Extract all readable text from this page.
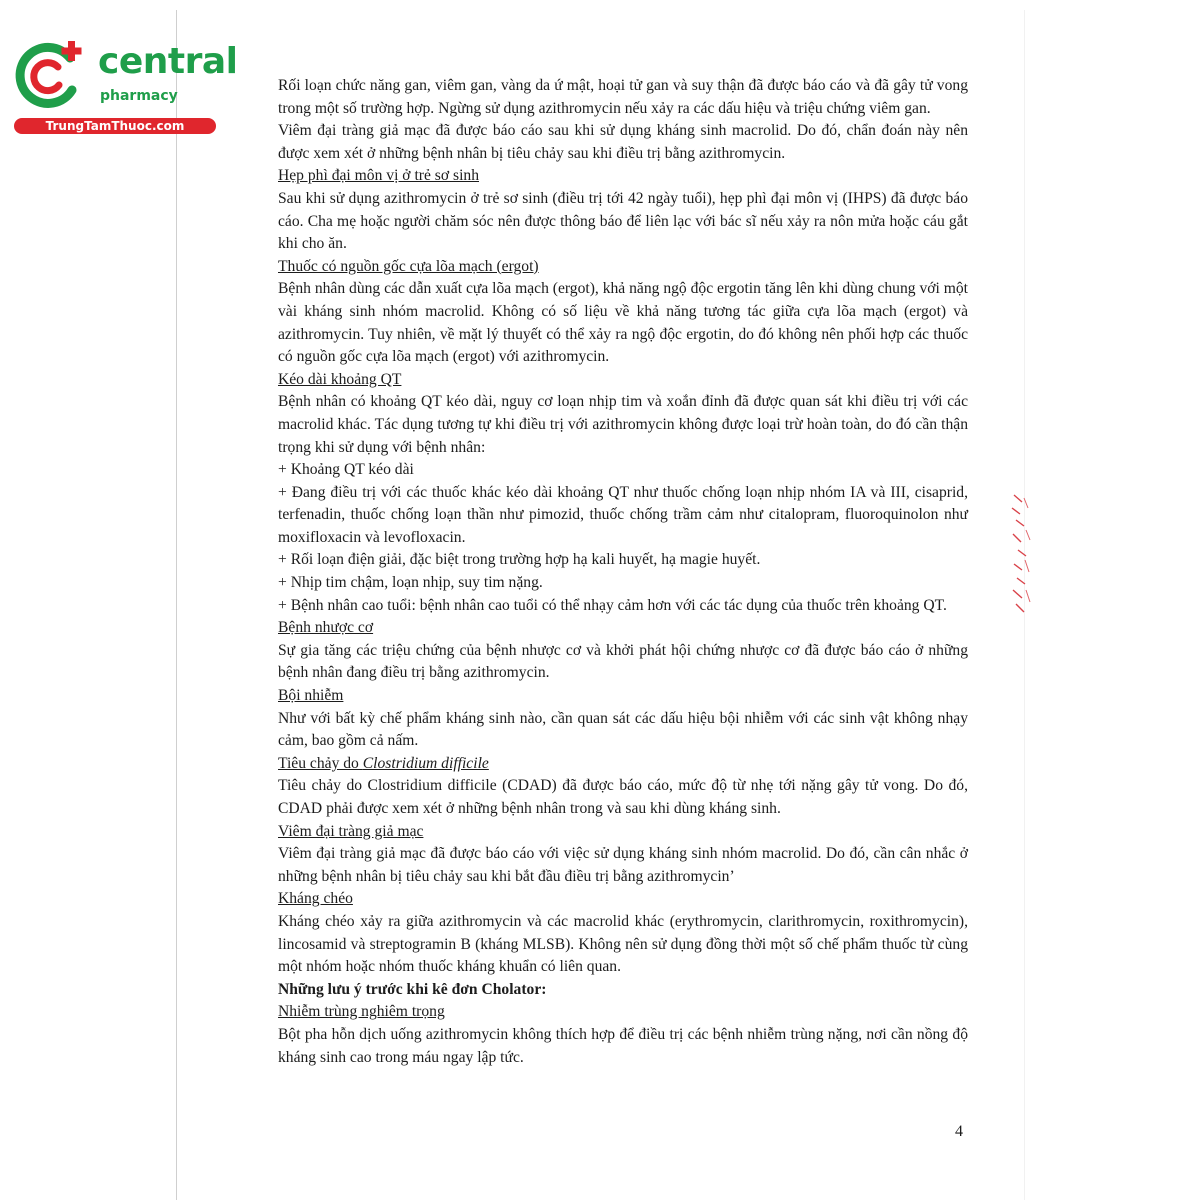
central
pharmacy
TrungTamThuoc.com

Rối loạn chức năng gan, viêm gan, vàng da ứ mật, hoại tử gan và suy thận đã được báo cáo và đã gây tử vong trong một số trường hợp. Ngừng sử dụng azithromycin nếu xảy ra các dấu hiệu và triệu chứng viêm gan.

Viêm đại tràng giả mạc đã được báo cáo sau khi sử dụng kháng sinh macrolid. Do đó, chẩn đoán này nên được xem xét ở những bệnh nhân bị tiêu chảy sau khi điều trị bằng azithromycin.

Hẹp phì đại môn vị ở trẻ sơ sinh

Sau khi sử dụng azithromycin ở trẻ sơ sinh (điều trị tới 42 ngày tuổi), hẹp phì đại môn vị (IHPS) đã được báo cáo. Cha mẹ hoặc người chăm sóc nên được thông báo để liên lạc với bác sĩ nếu xảy ra nôn mửa hoặc cáu gắt khi cho ăn.

Thuốc có nguồn gốc cựa lõa mạch (ergot)

Bệnh nhân dùng các dẫn xuất cựa lõa mạch (ergot), khả năng ngộ độc ergotin tăng lên khi dùng chung với một vài kháng sinh nhóm macrolid. Không có số liệu về khả năng tương tác giữa cựa lõa mạch (ergot) và azithromycin. Tuy nhiên, về mặt lý thuyết có thể xảy ra ngộ độc ergotin, do đó không nên phối hợp các thuốc có nguồn gốc cựa lõa mạch (ergot) với azithromycin.

Kéo dài khoảng QT

Bệnh nhân có khoảng QT kéo dài, nguy cơ loạn nhịp tim và xoắn đỉnh đã được quan sát khi điều trị với các macrolid khác. Tác dụng tương tự khi điều trị với azithromycin không được loại trừ hoàn toàn, do đó cần thận trọng khi sử dụng với bệnh nhân:

+ Khoảng QT kéo dài

+ Đang điều trị với các thuốc khác kéo dài khoảng QT như thuốc chống loạn nhịp nhóm IA và III, cisaprid, terfenadin, thuốc chống loạn thần như pimozid, thuốc chống trầm cảm như citalopram, fluoroquinolon như moxifloxacin và levofloxacin.

+ Rối loạn điện giải, đặc biệt trong trường hợp hạ kali huyết, hạ magie huyết.

+ Nhịp tim chậm, loạn nhịp, suy tim nặng.

+ Bệnh nhân cao tuổi: bệnh nhân cao tuổi có thể nhạy cảm hơn với các tác dụng của thuốc trên khoảng QT.

Bệnh nhược cơ

Sự gia tăng các triệu chứng của bệnh nhược cơ và khởi phát hội chứng nhược cơ đã được báo cáo ở những bệnh nhân đang điều trị bằng azithromycin.

Bội nhiễm

Như với bất kỳ chế phẩm kháng sinh nào, cần quan sát các dấu hiệu bội nhiễm với các sinh vật không nhạy cảm, bao gồm cả nấm.

Tiêu chảy do Clostridium difficile

Tiêu chảy do Clostridium difficile (CDAD) đã được báo cáo, mức độ từ nhẹ tới nặng gây tử vong. Do đó, CDAD phải được xem xét ở những bệnh nhân trong và sau khi dùng kháng sinh.

Viêm đại tràng giả mạc

Viêm đại tràng giả mạc đã được báo cáo với việc sử dụng kháng sinh nhóm macrolid. Do đó, cần cân nhắc ở những bệnh nhân bị tiêu chảy sau khi bắt đầu điều trị bằng azithromycin’

Kháng chéo

Kháng chéo xảy ra giữa azithromycin và các macrolid khác (erythromycin, clarithromycin, roxithromycin), lincosamid và streptogramin B (kháng MLSB). Không nên sử dụng đồng thời một số chế phẩm thuốc từ cùng một nhóm hoặc nhóm thuốc kháng khuẩn có liên quan.

Những lưu ý trước khi kê đơn Cholator:

Nhiễm trùng nghiêm trọng

Bột pha hỗn dịch uống azithromycin không thích hợp để điều trị các bệnh nhiễm trùng nặng, nơi cần nồng độ kháng sinh cao trong máu ngay lập tức.

4
